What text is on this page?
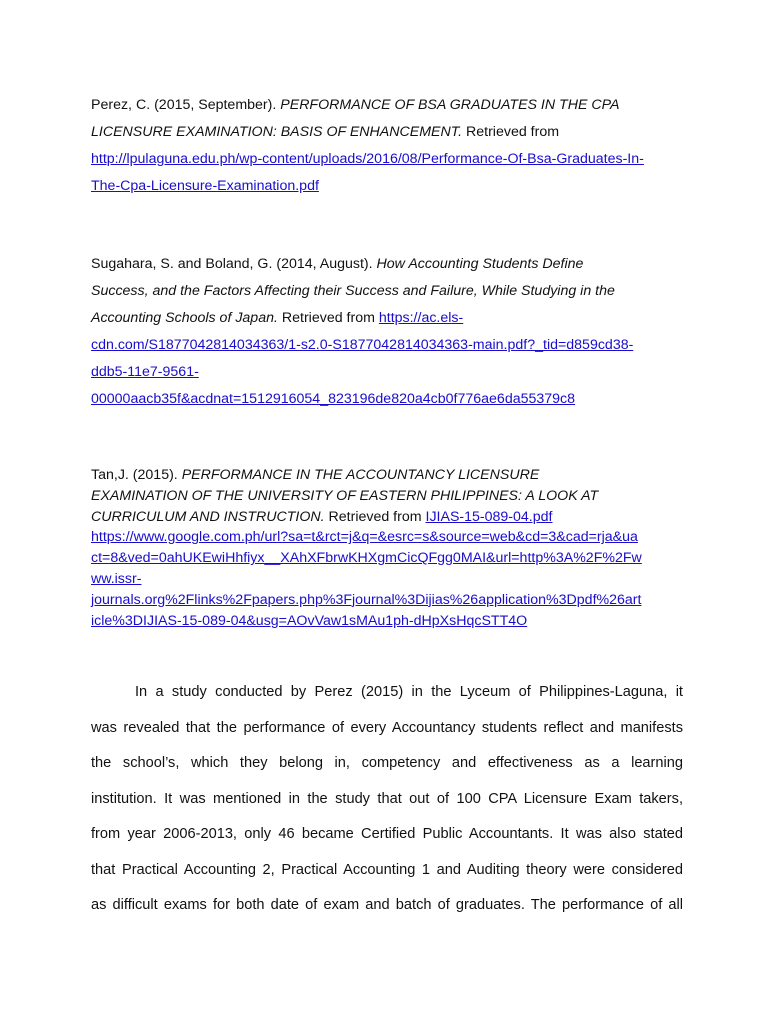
Perez, C. (2015, September). PERFORMANCE OF BSA GRADUATES IN THE CPA
LICENSURE EXAMINATION: BASIS OF ENHANCEMENT. Retrieved from
http://lpulaguna.edu.ph/wp-content/uploads/2016/08/Performance-Of-Bsa-Graduates-In-
The-Cpa-Licensure-Examination.pdf
Sugahara, S. and Boland, G. (2014, August). How Accounting Students Define
Success, and the Factors Affecting their Success and Failure, While Studying in the
Accounting Schools of Japan. Retrieved from https://ac.els-
cdn.com/S1877042814034363/1-s2.0-S1877042814034363-main.pdf?_tid=d859cd38-
ddb5-11e7-9561-
00000aacb35f&acdnat=1512916054_823196de820a4cb0f776ae6da55379c8
Tan,J. (2015). PERFORMANCE IN THE ACCOUNTANCY LICENSURE
EXAMINATION OF THE UNIVERSITY OF EASTERN PHILIPPINES: A LOOK AT
CURRICULUM AND INSTRUCTION. Retrieved from IJIAS-15-089-04.pdf
https://www.google.com.ph/url?sa=t&rct=j&q=&esrc=s&source=web&cd=3&cad=rja&ua
ct=8&ved=0ahUKEwiHhfiyx__XAhXFbrwKHXgmCicQFgg0MAI&url=http%3A%2F%2Fw
ww.issr-
journals.org%2Flinks%2Fpapers.php%3Fjournal%3Dijias%26application%3Dpdf%26art
icle%3DIJIAS-15-089-04&usg=AOvVaw1sMAu1ph-dHpXsHqcSTT4O
In a study conducted by Perez (2015) in the Lyceum of Philippines-Laguna, it
was revealed that the performance of every Accountancy students reflect and manifests
the school’s, which they belong in, competency and effectiveness as a learning
institution. It was mentioned in the study that out of 100 CPA Licensure Exam takers,
from year 2006-2013, only 46 became Certified Public Accountants. It was also stated
that Practical Accounting 2, Practical Accounting 1 and Auditing theory were considered
as difficult exams for both date of exam and batch of graduates. The performance of all
